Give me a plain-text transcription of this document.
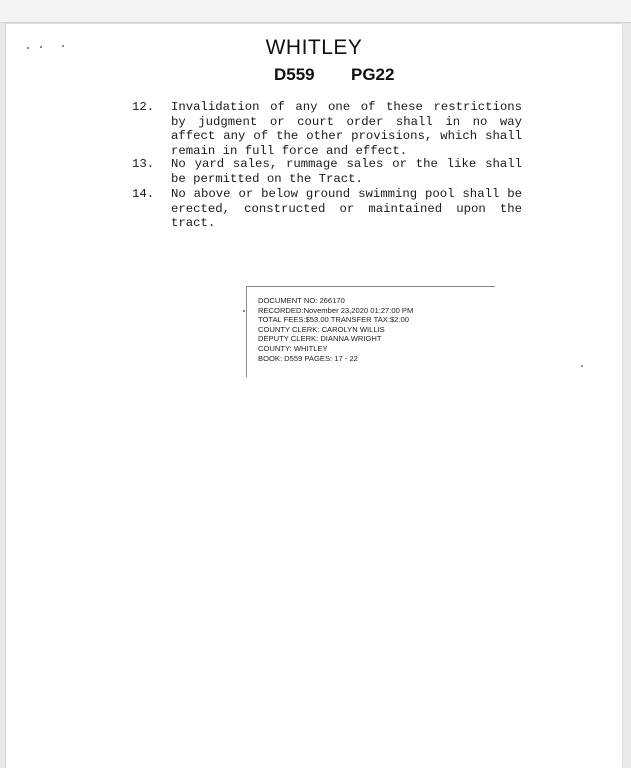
WHITLEY
D559 PG22
12.	Invalidation of any one of these restrictions by judgment or court order shall in no way affect any of the other provisions, which shall remain in full force and effect.
13.	No yard sales, rummage sales or the like shall be permitted on the Tract.
14.	No above or below ground swimming pool shall be erected, constructed or maintained upon the tract.
DOCUMENT NO: 266170
RECORDED:November 23,2020 01:27:00 PM
TOTAL FEES:$53.00 TRANSFER TAX:$2.00
COUNTY CLERK: CAROLYN WILLIS
DEPUTY CLERK: DIANNA WRIGHT
COUNTY: WHITLEY
BOOK: D559 PAGES: 17 - 22
